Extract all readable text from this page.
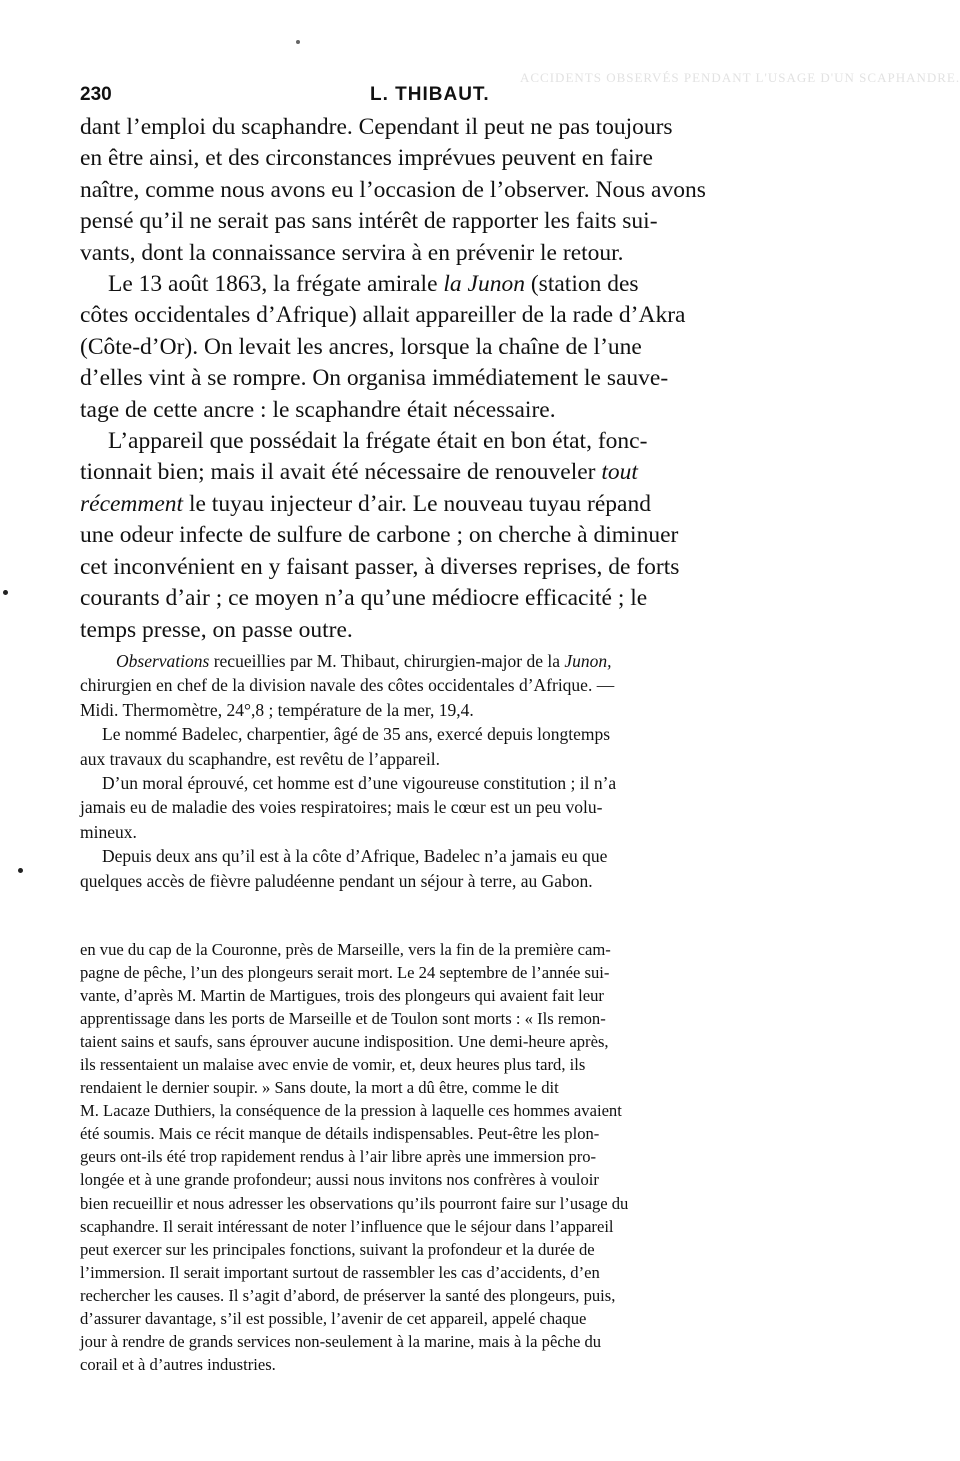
ACCIDENTS OBSERVÉS PENDANT L'USAGE D'UN SCAPHANDRE.
230	L. THIBAUT.
dant l’emploi du scaphandre. Cependant il peut ne pas toujours
en être ainsi, et des circonstances imprévues peuvent en faire
naître, comme nous avons eu l’occasion de l’observer. Nous avons
pensé qu’il ne serait pas sans intérêt de rapporter les faits sui-
vants, dont la connaissance servira à en prévenir le retour.
Le 13 août 1863, la frégate amirale la Junon (station des
côtes occidentales d’Afrique) allait appareiller de la rade d’Akra
(Côte-d’Or). On levait les ancres, lorsque la chaîne de l’une
d’elles vint à se rompre. On organisa immédiatement le sauve-
tage de cette ancre : le scaphandre était nécessaire.
L’appareil que possédait la frégate était en bon état, fonc-
tionnait bien; mais il avait été nécessaire de renouveler tout
récemment le tuyau injecteur d’air. Le nouveau tuyau répand
une odeur infecte de sulfure de carbone ; on cherche à diminuer
cet inconvénient en y faisant passer, à diverses reprises, de forts
courants d’air ; ce moyen n’a qu’une médiocre efficacité ; le
temps presse, on passe outre.
Observations recueillies par M. Thibaut, chirurgien-major de la Junon,
chirurgien en chef de la division navale des côtes occidentales d’Afrique. —
Midi. Thermomètre, 24°,8 ; température de la mer, 19,4.
Le nommé Badelec, charpentier, âgé de 35 ans, exercé depuis longtemps
aux travaux du scaphandre, est revêtu de l’appareil.
D’un moral éprouvé, cet homme est d’une vigoureuse constitution ; il n’a
jamais eu de maladie des voies respiratoires; mais le cœur est un peu volu-
mineux.
Depuis deux ans qu’il est à la côte d’Afrique, Badelec n’a jamais eu que
quelques accès de fièvre paludéenne pendant un séjour à terre, au Gabon.
en vue du cap de la Couronne, près de Marseille, vers la fin de la première cam-
pagne de pêche, l’un des plongeurs serait mort. Le 24 septembre de l’année sui-
vante, d’après M. Martin de Martigues, trois des plongeurs qui avaient fait leur
apprentissage dans les ports de Marseille et de Toulon sont morts : « Ils remon-
taient sains et saufs, sans éprouver aucune indisposition. Une demi-heure après,
ils ressentaient un malaise avec envie de vomir, et, deux heures plus tard, ils
rendaient le dernier soupir. » Sans doute, la mort a dû être, comme le dit
M. Lacaze Duthiers, la conséquence de la pression à laquelle ces hommes avaient
été soumis. Mais ce récit manque de détails indispensables. Peut-être les plon-
geurs ont-ils été trop rapidement rendus à l’air libre après une immersion pro-
longée et à une grande profondeur; aussi nous invitons nos confrères à vouloir
bien recueillir et nous adresser les observations qu’ils pourront faire sur l’usage du
scaphandre. Il serait intéressant de noter l’influence que le séjour dans l’appareil
peut exercer sur les principales fonctions, suivant la profondeur et la durée de
l’immersion. Il serait important surtout de rassembler les cas d’accidents, d’en
rechercher les causes. Il s’agit d’abord, de préserver la santé des plongeurs, puis,
d’assurer davantage, s’il est possible, l’avenir de cet appareil, appelé chaque
jour à rendre de grands services non-seulement à la marine, mais à la pêche du
corail et à d’autres industries.
